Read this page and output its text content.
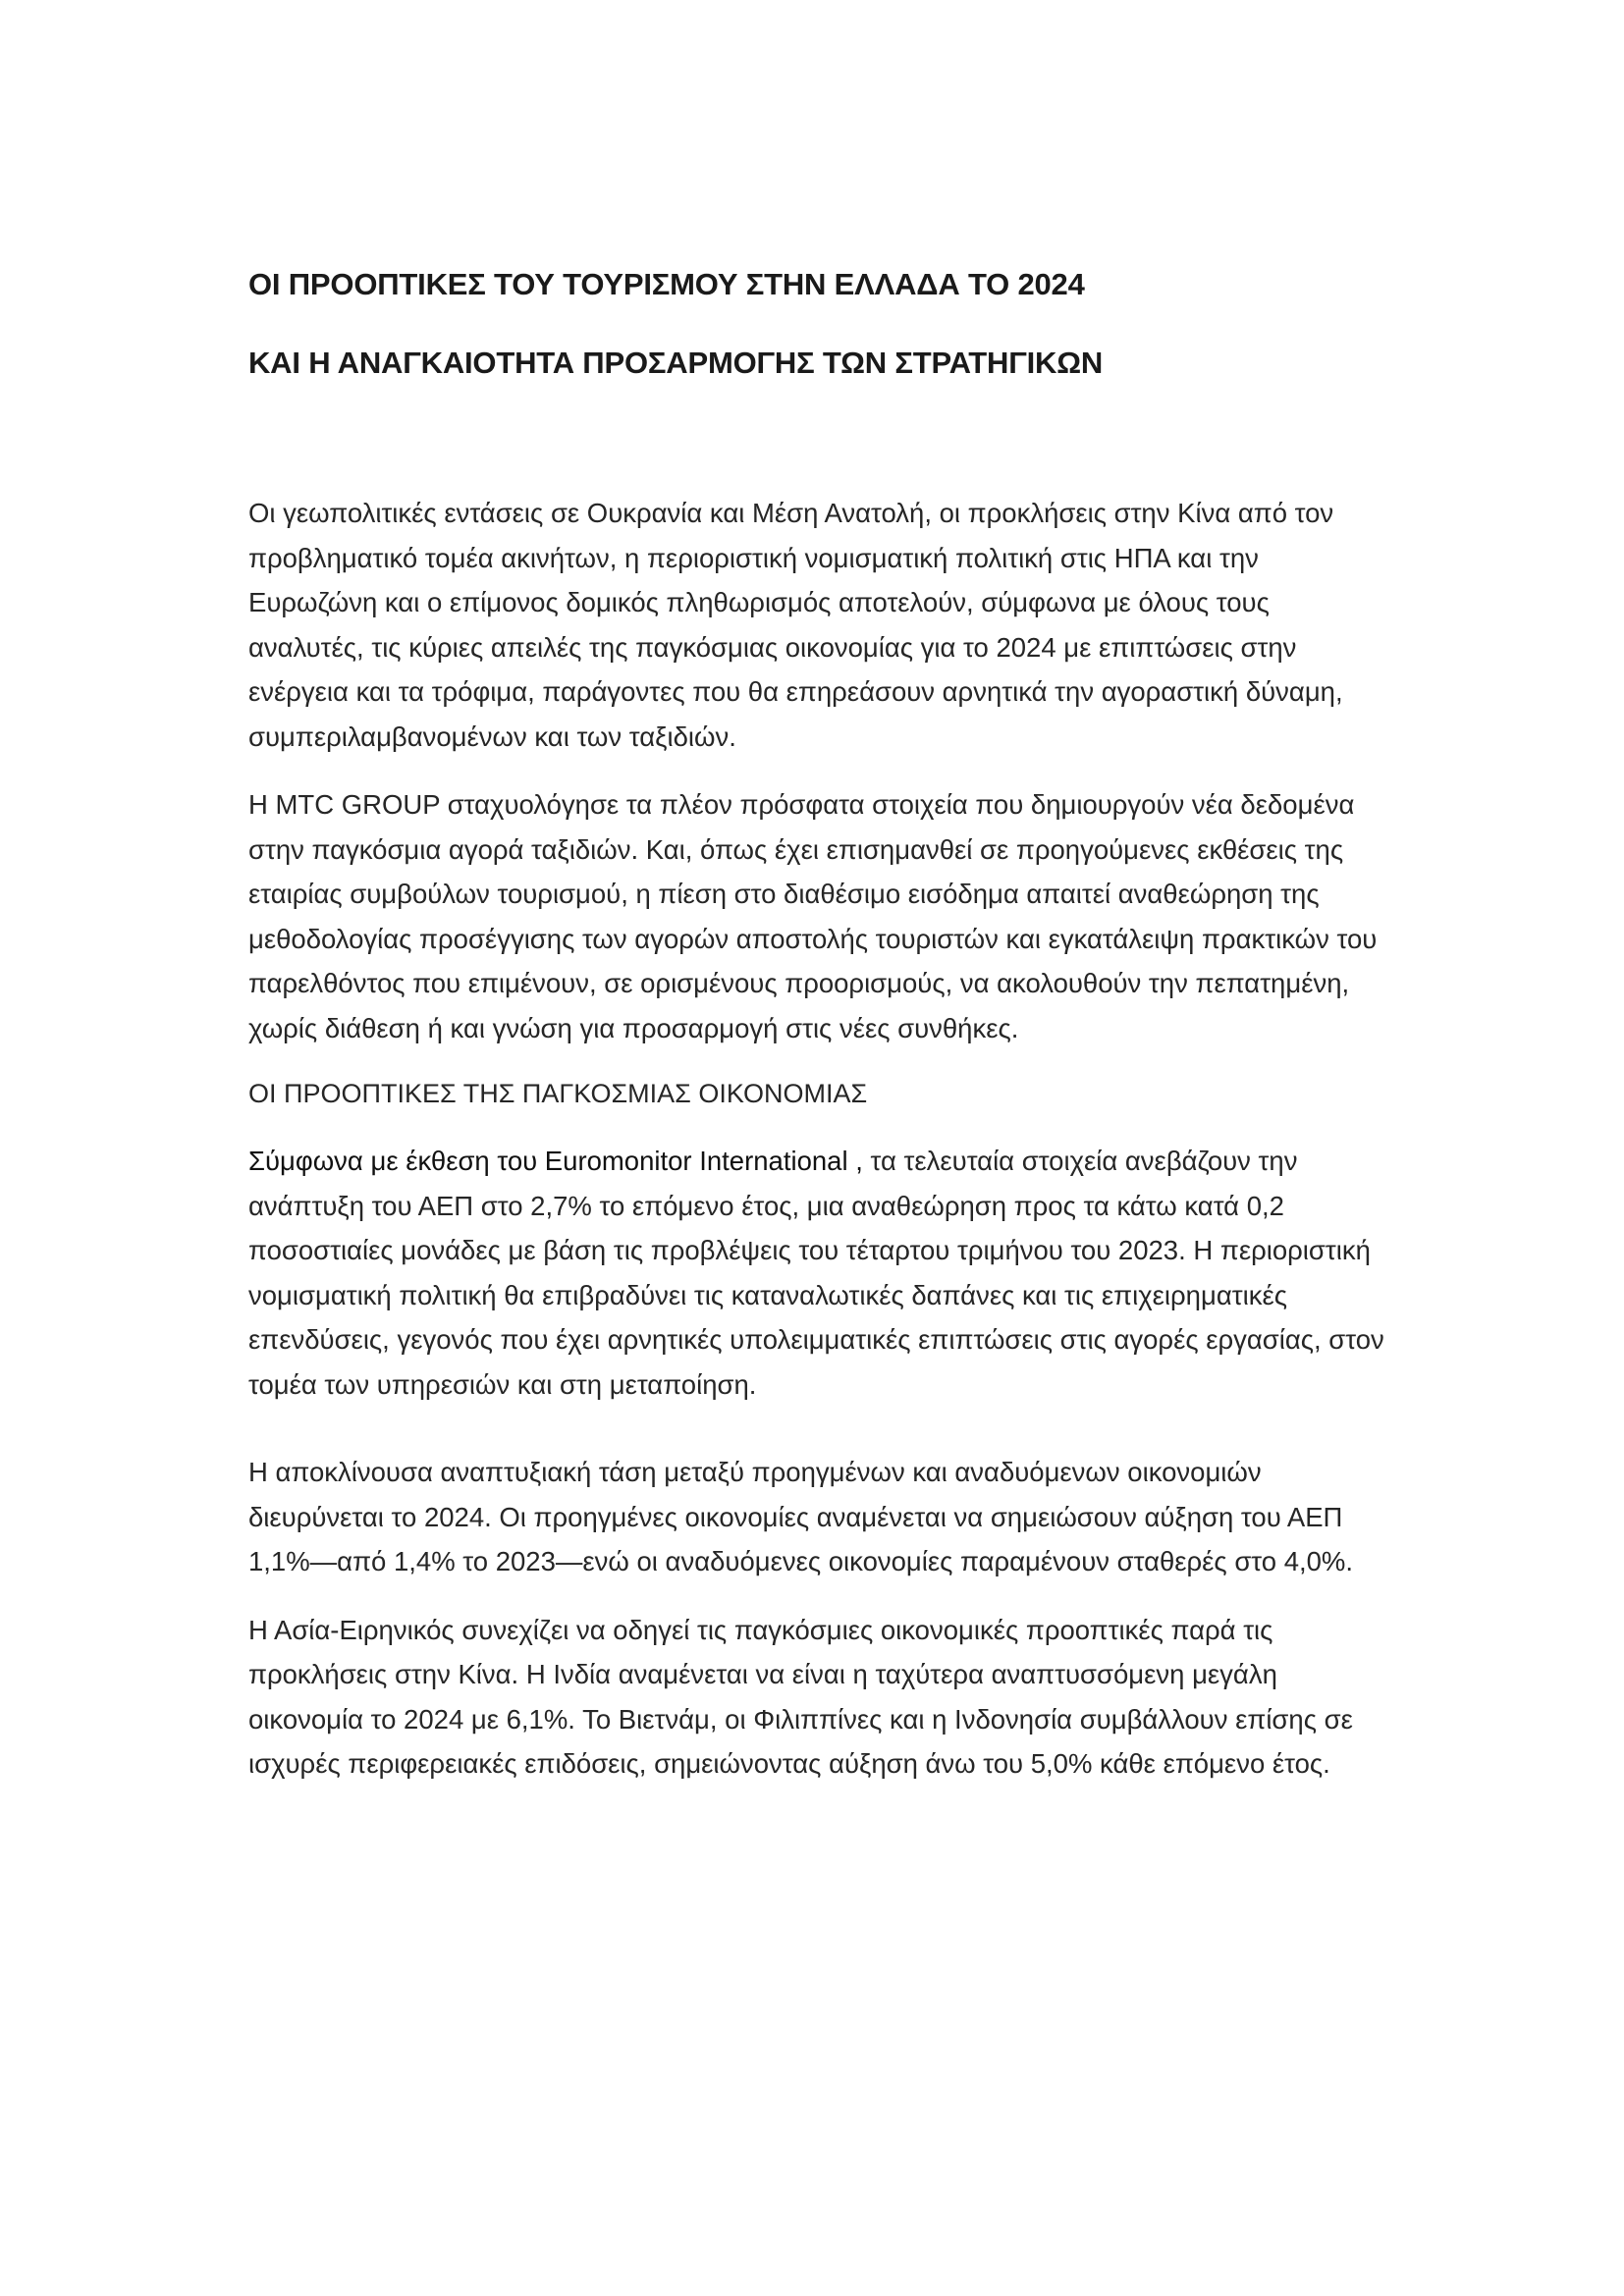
ΟΙ ΠΡΟΟΠΤΙΚΕΣ ΤΟΥ ΤΟΥΡΙΣΜΟΥ ΣΤΗΝ ΕΛΛΑΔΑ ΤΟ 2024
ΚΑΙ Η ΑΝΑΓΚΑΙΟΤΗΤΑ ΠΡΟΣΑΡΜΟΓΗΣ ΤΩΝ ΣΤΡΑΤΗΓΙΚΩΝ

Οι γεωπολιτικές εντάσεις σε Ουκρανία και Μέση Ανατολή, οι προκλήσεις στην Κίνα από τον προβληματικό τομέα ακινήτων, η περιοριστική νομισματική πολιτική στις ΗΠΑ και την Ευρωζώνη και ο επίμονος δομικός πληθωρισμός αποτελούν, σύμφωνα με όλους τους αναλυτές, τις κύριες απειλές της παγκόσμιας οικονομίας για το 2024 με επιπτώσεις στην ενέργεια και τα τρόφιμα, παράγοντες που θα επηρεάσουν αρνητικά την αγοραστική δύναμη, συμπεριλαμβανομένων και των ταξιδιών.

Η MTC GROUP σταχυολόγησε τα πλέον πρόσφατα στοιχεία που δημιουργούν νέα δεδομένα στην παγκόσμια αγορά ταξιδιών. Και, όπως έχει επισημανθεί σε προηγούμενες εκθέσεις της εταιρίας συμβούλων τουρισμού, η πίεση στο διαθέσιμο εισόδημα απαιτεί αναθεώρηση της μεθοδολογίας προσέγγισης των αγορών αποστολής τουριστών και εγκατάλειψη πρακτικών του παρελθόντος που επιμένουν, σε ορισμένους προορισμούς, να ακολουθούν την πεπατημένη, χωρίς διάθεση ή και γνώση για προσαρμογή στις νέες συνθήκες.

ΟΙ ΠΡΟΟΠΤΙΚΕΣ ΤΗΣ ΠΑΓΚΟΣΜΙΑΣ ΟΙΚΟΝΟΜΙΑΣ

Σύμφωνα με έκθεση του Euromonitor International , τα τελευταία στοιχεία ανεβάζουν την ανάπτυξη του ΑΕΠ στο 2,7% το επόμενο έτος, μια αναθεώρηση προς τα κάτω κατά 0,2 ποσοστιαίες μονάδες με βάση τις προβλέψεις του τέταρτου τριμήνου του 2023. Η περιοριστική νομισματική πολιτική θα επιβραδύνει τις καταναλωτικές δαπάνες και τις επιχειρηματικές επενδύσεις, γεγονός που έχει αρνητικές υπολειμματικές επιπτώσεις στις αγορές εργασίας, στον τομέα των υπηρεσιών και στη μεταποίηση.

Η αποκλίνουσα αναπτυξιακή τάση μεταξύ προηγμένων και αναδυόμενων οικονομιών διευρύνεται το 2024. Οι προηγμένες οικονομίες αναμένεται να σημειώσουν αύξηση του ΑΕΠ 1,1%—από 1,4% το 2023—ενώ οι αναδυόμενες οικονομίες παραμένουν σταθερές στο 4,0%.

Η Ασία-Ειρηνικός συνεχίζει να οδηγεί τις παγκόσμιες οικονομικές προοπτικές παρά τις προκλήσεις στην Κίνα. Η Ινδία αναμένεται να είναι η ταχύτερα αναπτυσσόμενη μεγάλη οικονομία το 2024 με 6,1%. Το Βιετνάμ, οι Φιλιππίνες και η Ινδονησία συμβάλλουν επίσης σε ισχυρές περιφερειακές επιδόσεις, σημειώνοντας αύξηση άνω του 5,0% κάθε επόμενο έτος.
